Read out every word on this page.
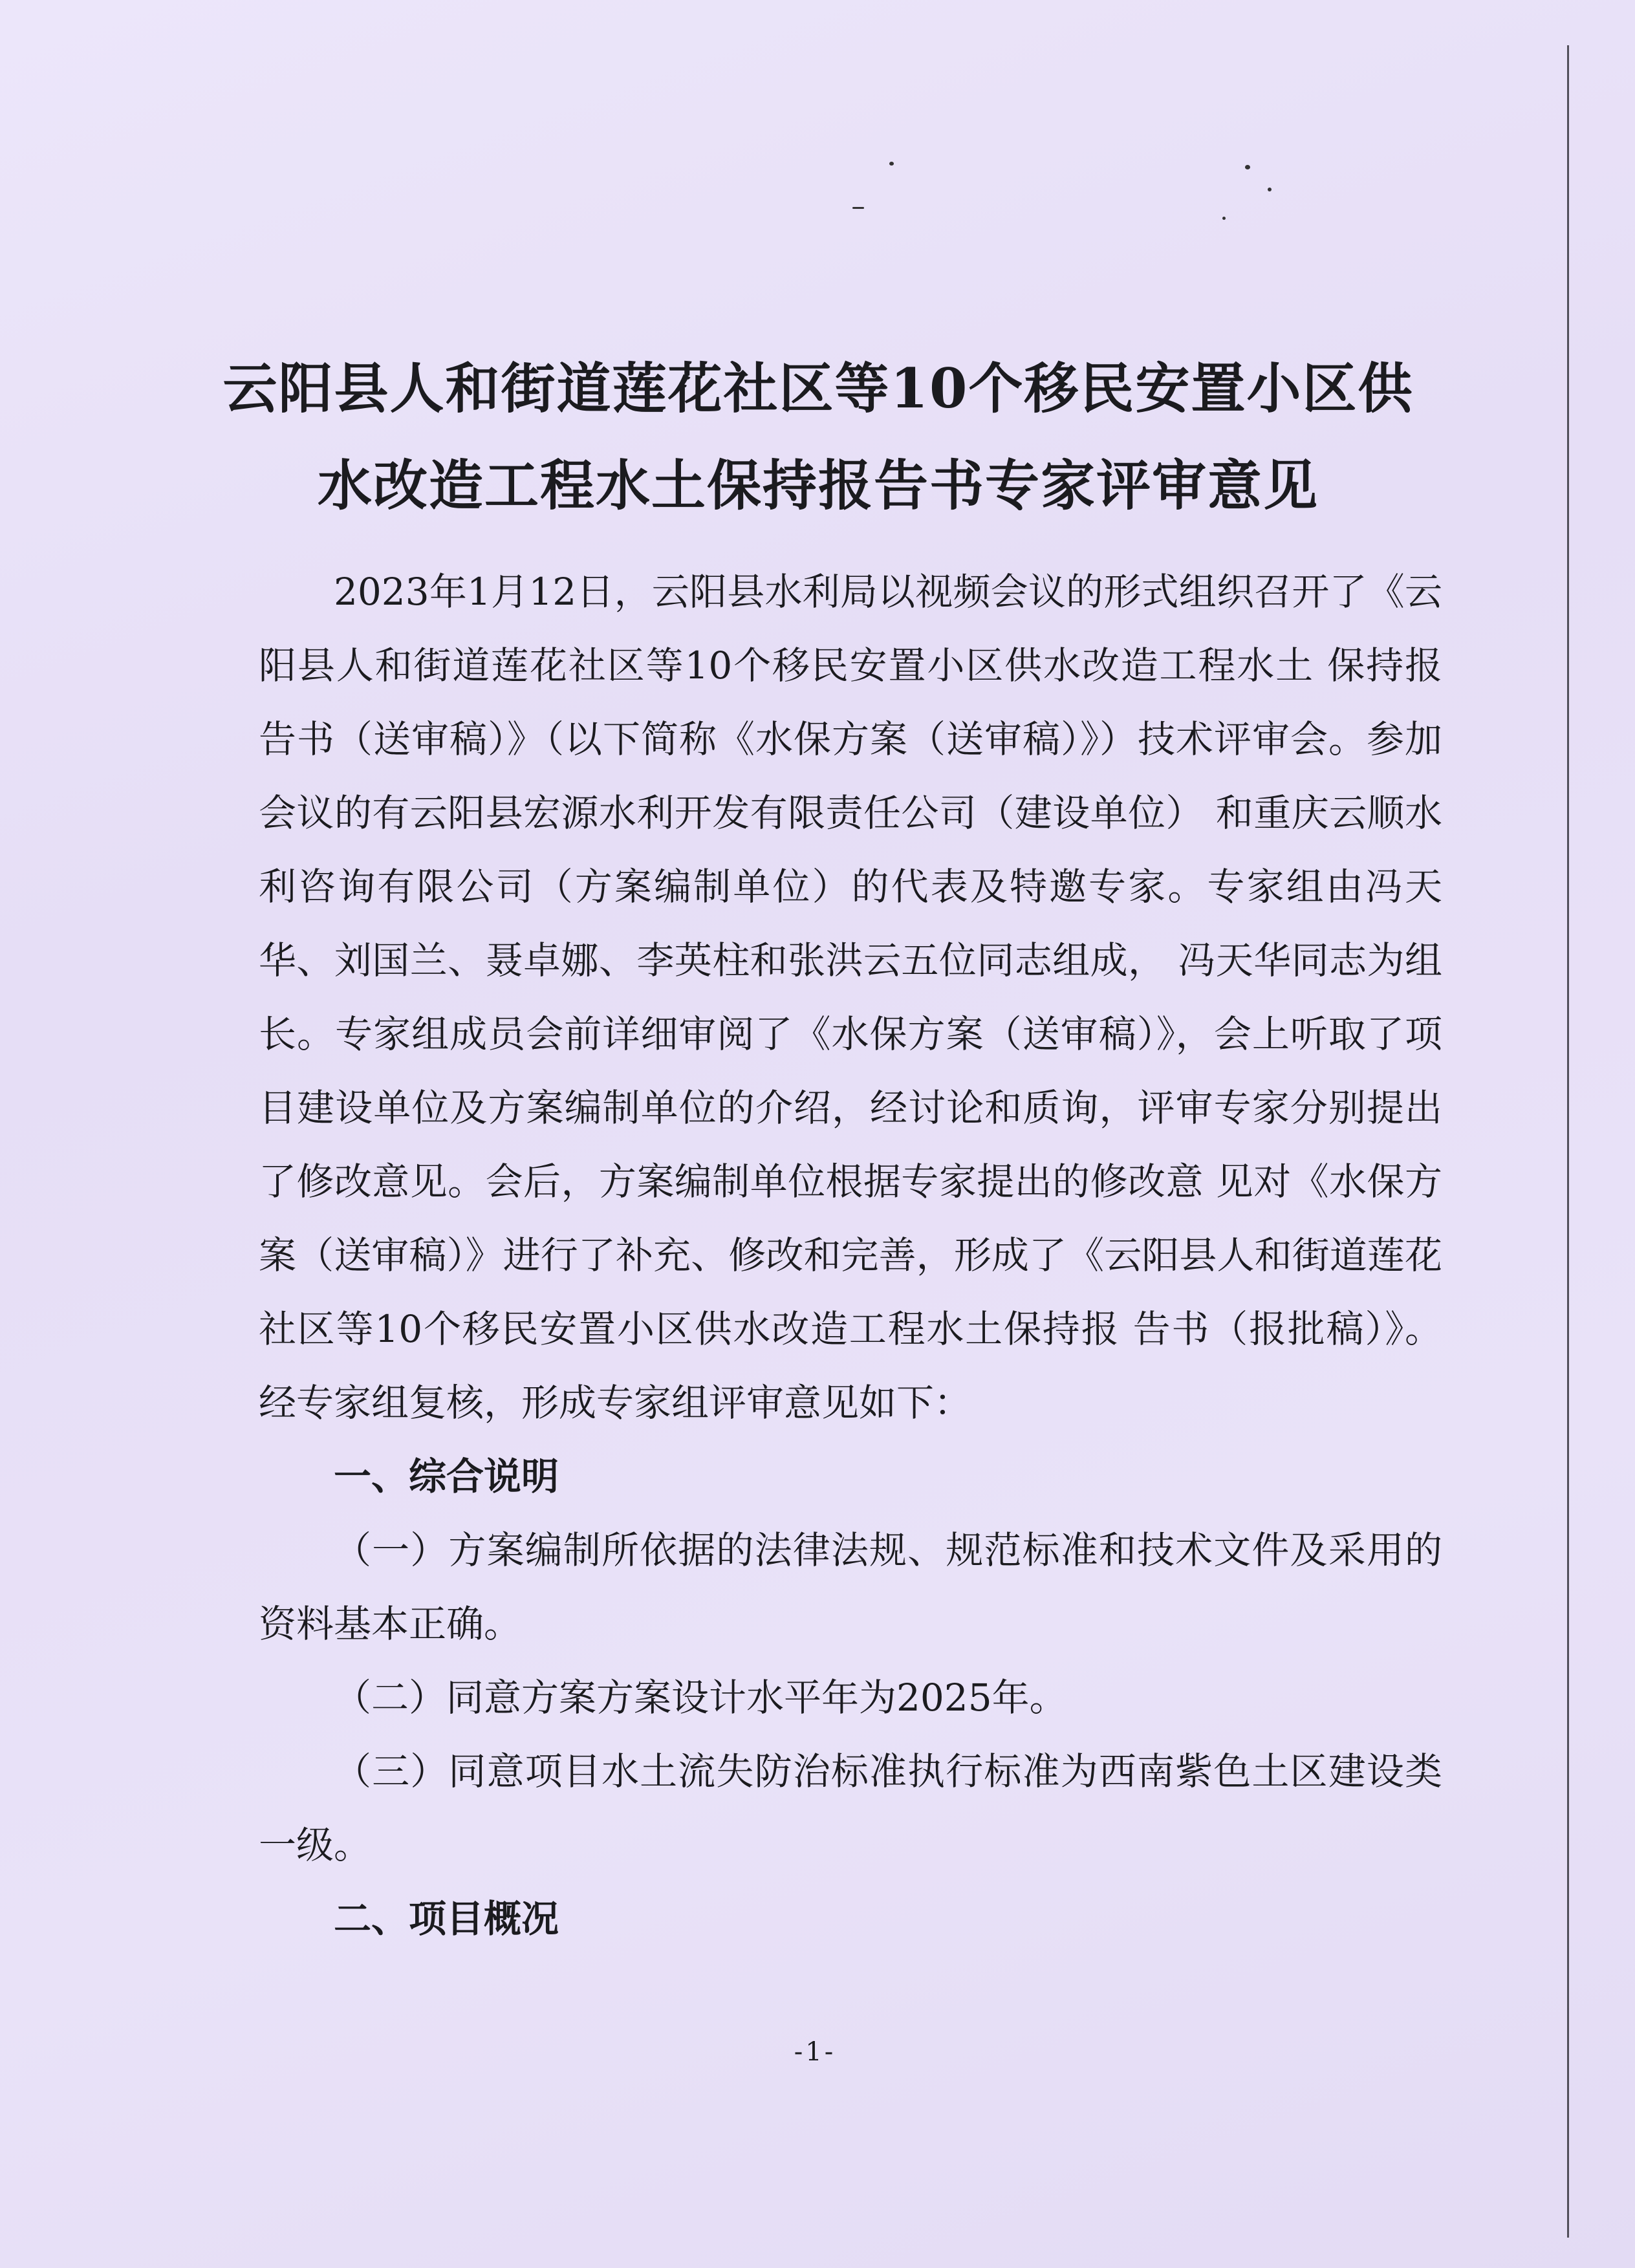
云阳县人和街道莲花社区等10个移民安置小区供
水改造工程水土保持报告书专家评审意见

2023年1月12日，云阳县水利局以视频会议的形式组织召开了《云阳县人和街道莲花社区等10个移民安置小区供水改造工程水土 保持报告书（送审稿）》（以下简称《水保方案（送审稿）》）技术评审会。参加会议的有云阳县宏源水利开发有限责任公司（建设单位） 和重庆云顺水利咨询有限公司（方案编制单位）的代表及特邀专家。专家组由冯天华、刘国兰、聂卓娜、李英柱和张洪云五位同志组成， 冯天华同志为组长。专家组成员会前详细审阅了《水保方案（送审稿）》，会上听取了项目建设单位及方案编制单位的介绍，经讨论和质询，评审专家分别提出了修改意见。会后，方案编制单位根据专家提出的修改意 见对《水保方案（送审稿）》进行了补充、修改和完善，形成了《云阳县人和街道莲花社区等10个移民安置小区供水改造工程水土保持报 告书（报批稿）》。经专家组复核，形成专家组评审意见如下：

一、综合说明

（一）方案编制所依据的法律法规、规范标准和技术文件及采用的资料基本正确。

（二）同意方案方案设计水平年为2025年。

（三）同意项目水土流失防治标准执行标准为西南紫色土区建设类一级。

二、项目概况

-1-
